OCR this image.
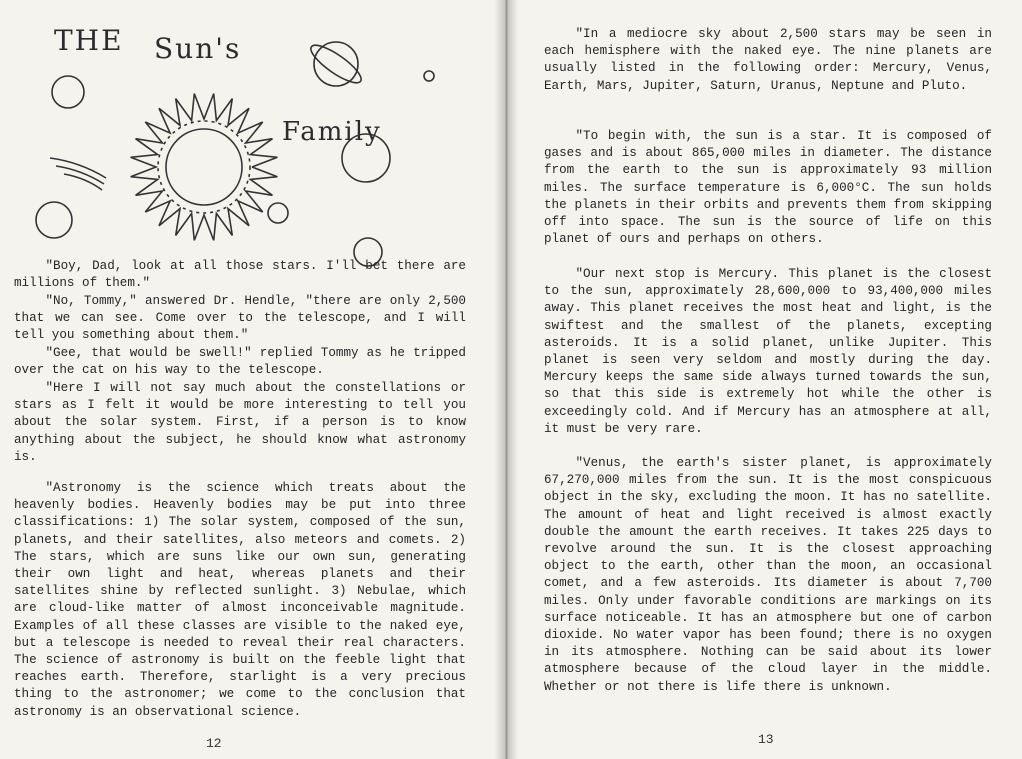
THE Sun's
Family

"Boy, Dad, look at all those stars. I'll bet there are millions of them."

"No, Tommy," answered Dr. Hendle, "there are only 2,500 that we can see. Come over to the telescope, and I will tell you something about them."

"Gee, that would be swell!" replied Tommy as he tripped over the cat on his way to the telescope.

"Here I will not say much about the constellations or stars as I felt it would be more interesting to tell you about the solar system. First, if a person is to know anything about the subject, he should know what astronomy is.

"Astronomy is the science which treats about the heavenly bodies. Heavenly bodies may be put into three classifications: 1) The solar system, composed of the sun, planets, and their satellites, also meteors and comets. 2) The stars, which are suns like our own sun, generating their own light and heat, whereas planets and their satellites shine by reflected sunlight. 3) Nebulae, which are cloud-like matter of almost inconceivable magnitude. Examples of all these classes are visible to the naked eye, but a telescope is needed to reveal their real characters. The science of astronomy is built on the feeble light that reaches earth. Therefore, starlight is a very precious thing to the astronomer; we come to the conclusion that astronomy is an observational science.

12

"In a mediocre sky about 2,500 stars may be seen in each hemisphere with the naked eye. The nine planets are usually listed in the following order: Mercury, Venus, Earth, Mars, Jupiter, Saturn, Uranus, Neptune and Pluto.

"To begin with, the sun is a star. It is composed of gases and is about 865,000 miles in diameter. The distance from the earth to the sun is approximately 93 million miles. The surface temperature is 6,000°C. The sun holds the planets in their orbits and prevents them from skipping off into space. The sun is the source of life on this planet of ours and perhaps on others.

"Our next stop is Mercury. This planet is the closest to the sun, approximately 28,600,000 to 93,400,000 miles away. This planet receives the most heat and light, is the swiftest and the smallest of the planets, excepting asteroids. It is a solid planet, unlike Jupiter. This planet is seen very seldom and mostly during the day. Mercury keeps the same side always turned towards the sun, so that this side is extremely hot while the other is exceedingly cold. And if Mercury has an atmosphere at all, it must be very rare.

"Venus, the earth's sister planet, is approximately 67,270,000 miles from the sun. It is the most conspicuous object in the sky, excluding the moon. It has no satellite. The amount of heat and light received is almost exactly double the amount the earth receives. It takes 225 days to revolve around the sun. It is the closest approaching object to the earth, other than the moon, an occasional comet, and a few asteroids. Its diameter is about 7,700 miles. Only under favorable conditions are markings on its surface noticeable. It has an atmosphere but one of carbon dioxide. No water vapor has been found; there is no oxygen in its atmosphere. Nothing can be said about its lower atmosphere because of the cloud layer in the middle. Whether or not there is life there is unknown.

13
